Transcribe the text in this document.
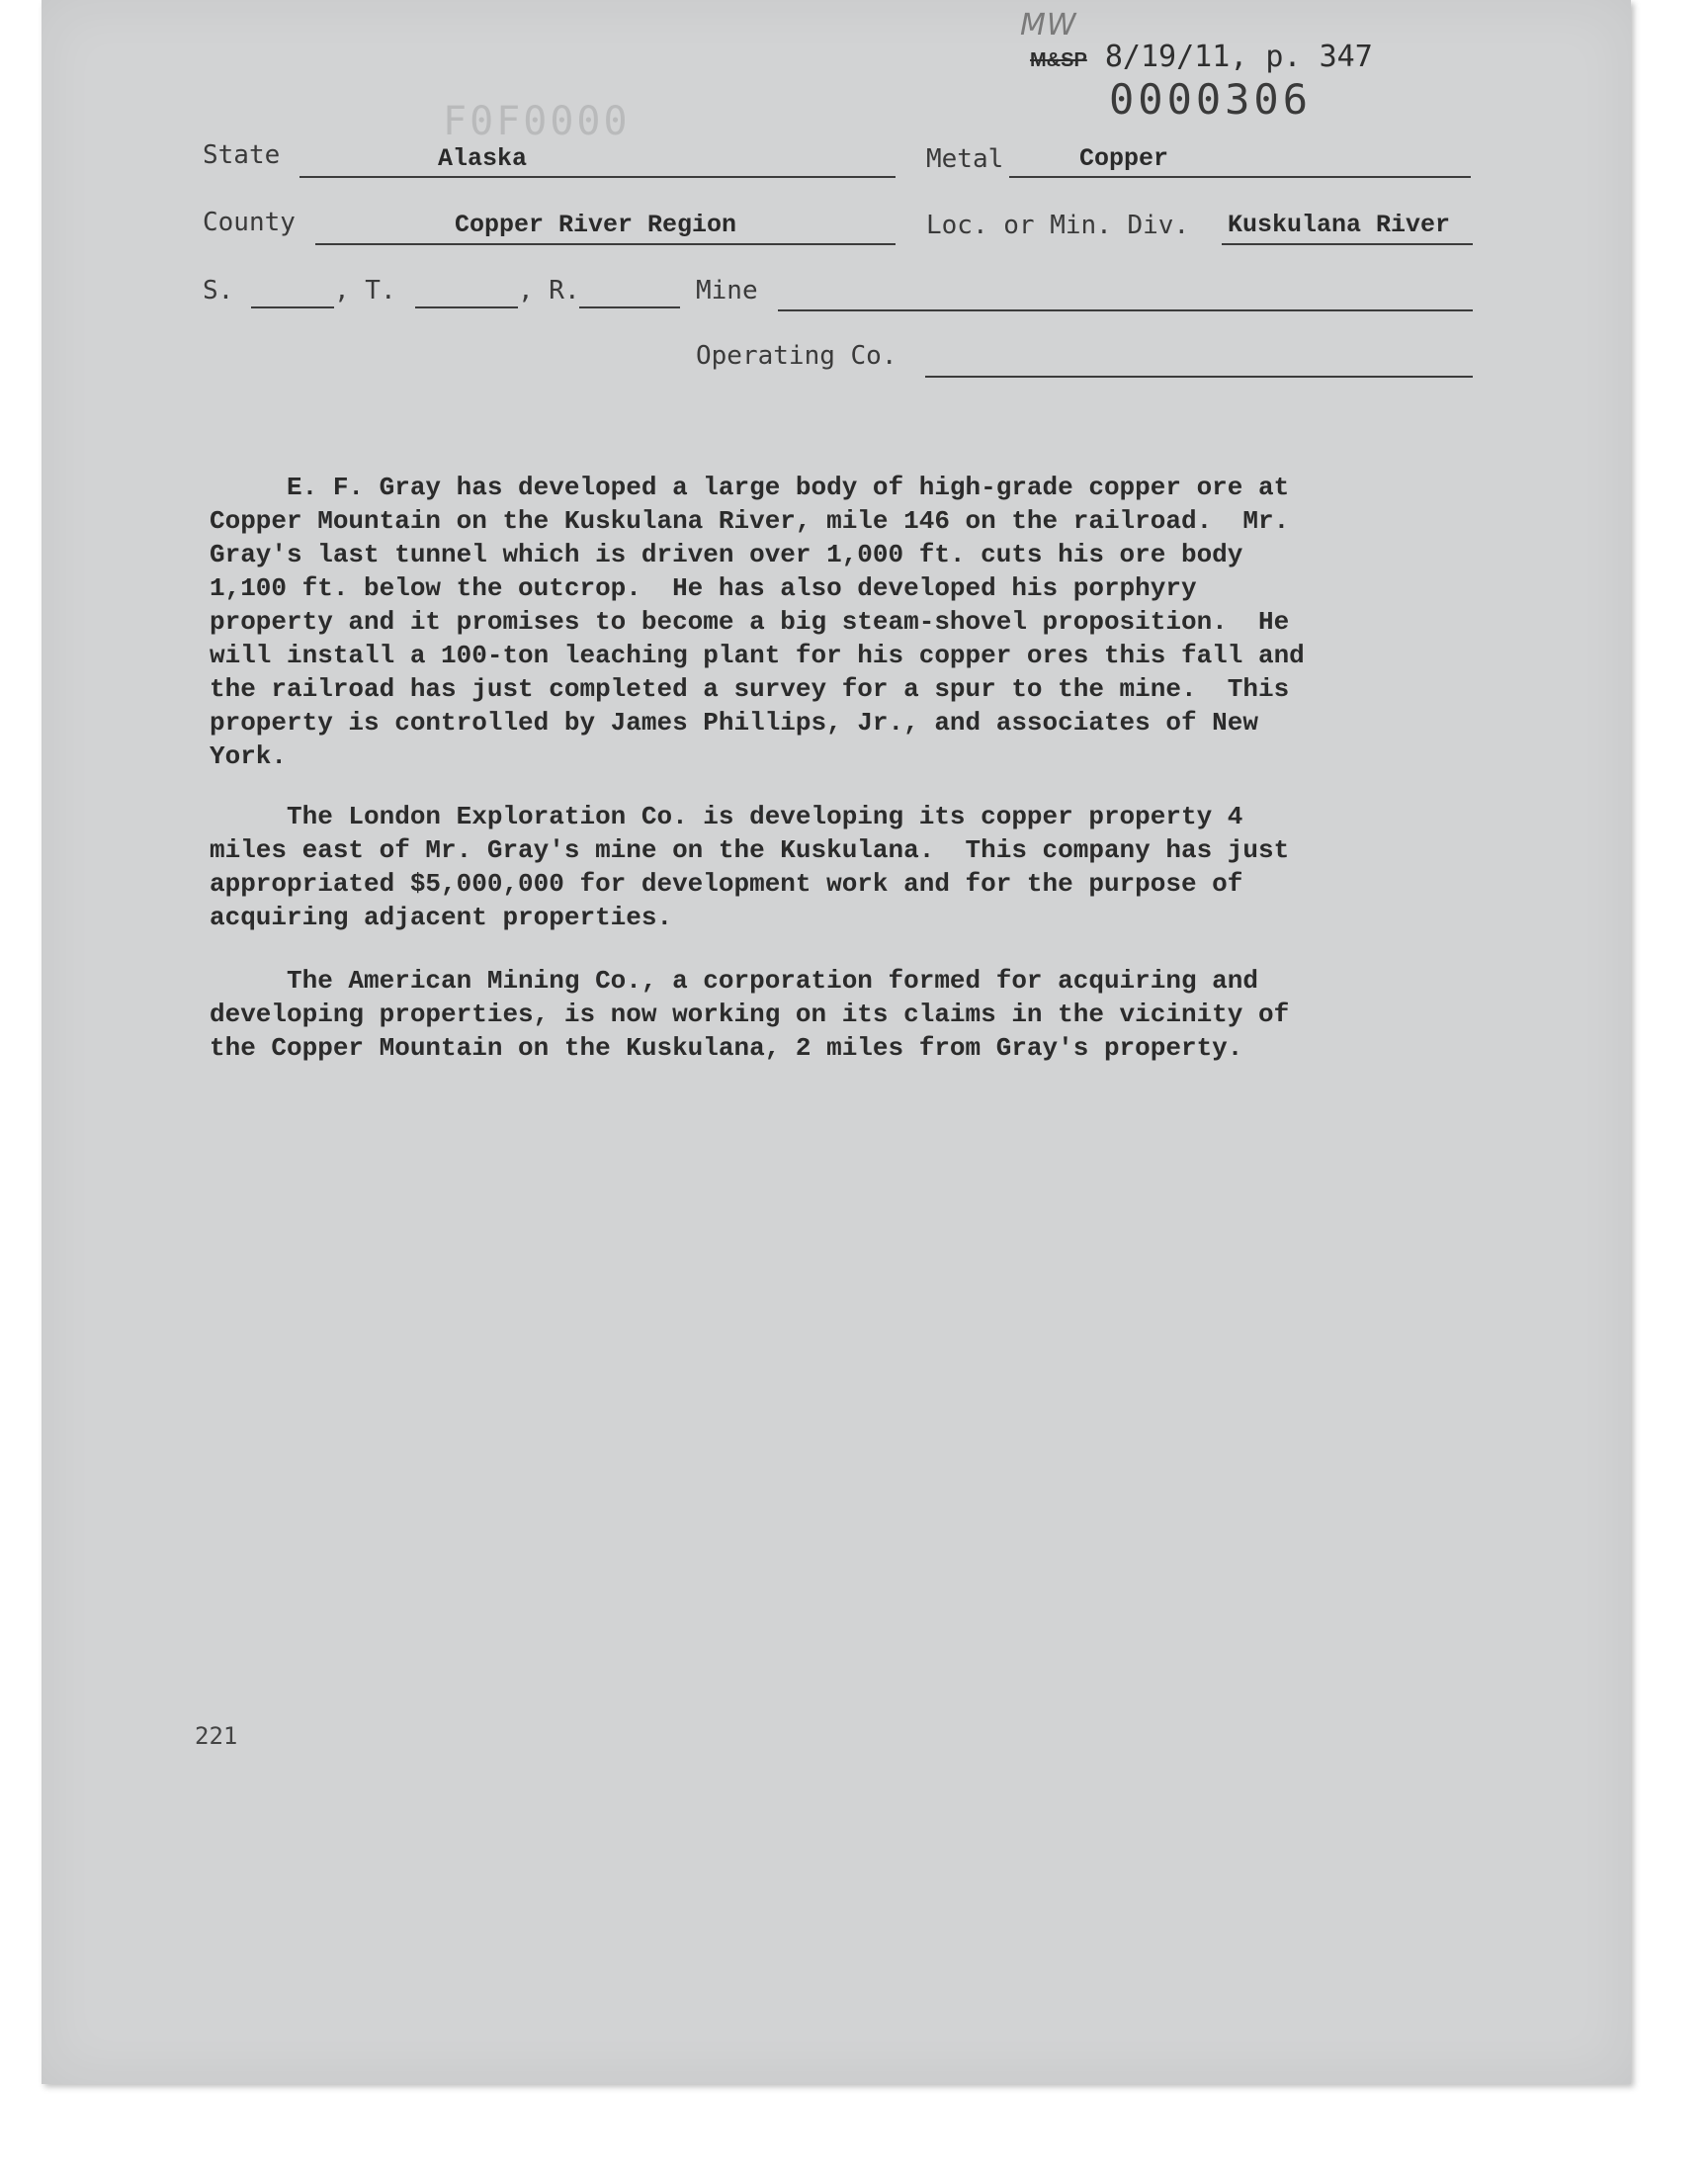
MW
M&SP 8/19/11, p. 347
0000306
F0F0000
State	Alaska	Metal	Copper
County	Copper River Region	Loc. or Min. Div. Kuskulana River
S.	, T.	, R.	Mine
Operating Co.

E. F. Gray has developed a large body of high-grade copper ore at

Copper Mountain on the Kuskulana River, mile 146 on the railroad.  Mr.

Gray's last tunnel which is driven over 1,000 ft. cuts his ore body

1,100 ft. below the outcrop.  He has also developed his porphyry

property and it promises to become a big steam-shovel proposition.  He

will install a 100-ton leaching plant for his copper ores this fall and

the railroad has just completed a survey for a spur to the mine.  This

property is controlled by James Phillips, Jr., and associates of New

York.

The London Exploration Co. is developing its copper property 4

miles east of Mr. Gray's mine on the Kuskulana.  This company has just

appropriated $5,000,000 for development work and for the purpose of

acquiring adjacent properties.

The American Mining Co., a corporation formed for acquiring and

developing properties, is now working on its claims in the vicinity of

the Copper Mountain on the Kuskulana, 2 miles from Gray's property.

221
